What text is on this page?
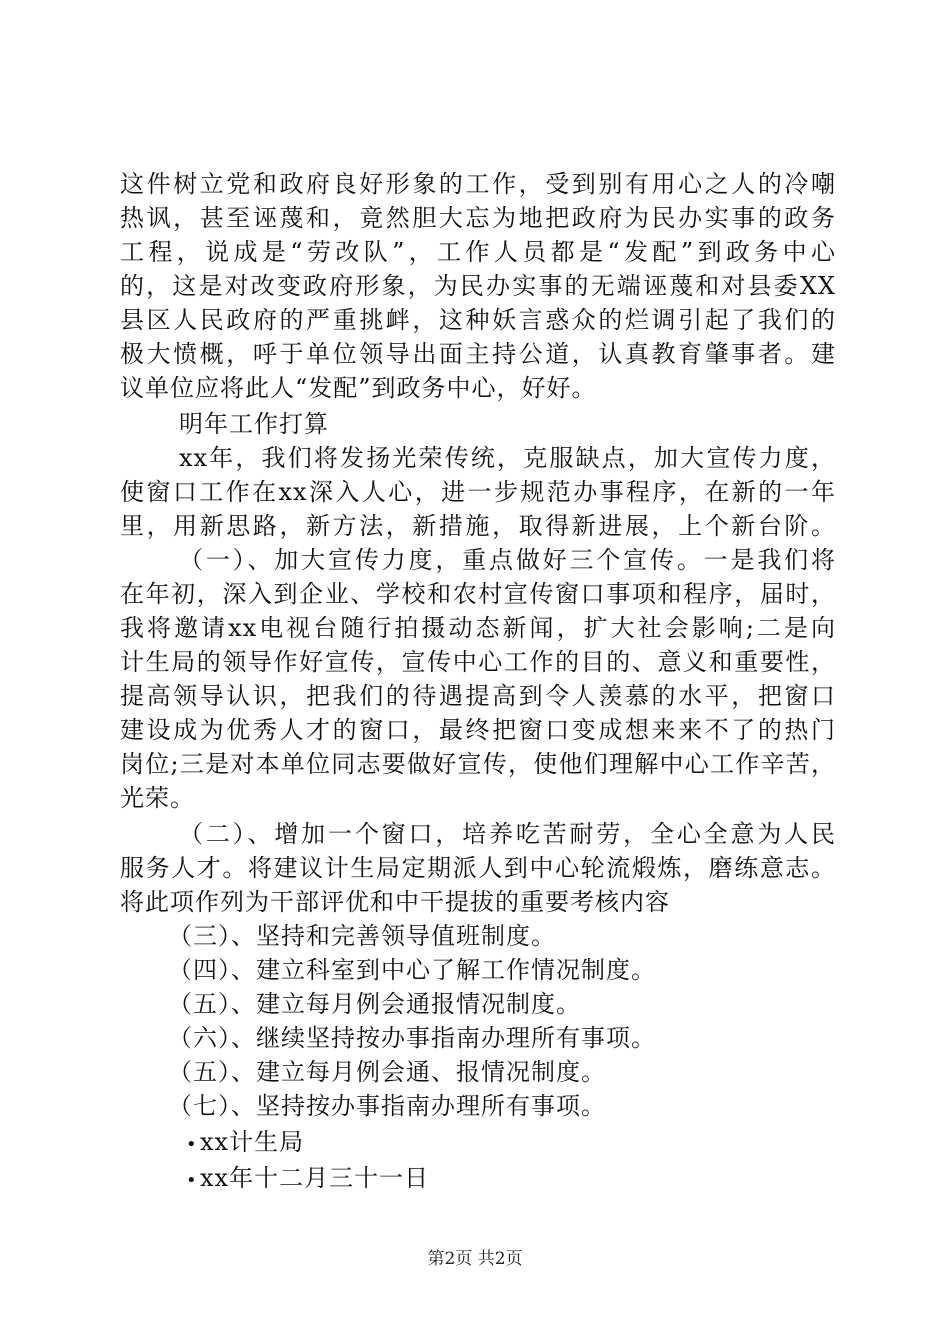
这件树立党和政府良好形象的工作，受到别有用心之人的冷嘲
热讽，甚至诬蔑和，竟然胆大忘为地把政府为民办实事的政务
工程，说成是“劳改队”，工作人员都是“发配”到政务中心
的，这是对改变政府形象，为民办实事的无端诬蔑和对县委XX
县区人民政府的严重挑衅，这种妖言惑众的烂调引起了我们的
极大愤概，呼于单位领导出面主持公道，认真教育肇事者。建
议单位应将此人“发配”到政务中心，好好。
明年工作打算
xx年，我们将发扬光荣传统，克服缺点，加大宣传力度，
使窗口工作在xx深入人心，进一步规范办事程序，在新的一年
里，用新思路，新方法，新措施，取得新进展，上个新台阶。
（一）、加大宣传力度，重点做好三个宣传。一是我们将
在年初，深入到企业、学校和农村宣传窗口事项和程序，届时，
我将邀请xx电视台随行拍摄动态新闻，扩大社会影响;二是向
计生局的领导作好宣传，宣传中心工作的目的、意义和重要性，
提高领导认识，把我们的待遇提高到令人羡慕的水平，把窗口
建设成为优秀人才的窗口，最终把窗口变成想来来不了的热门
岗位;三是对本单位同志要做好宣传，使他们理解中心工作辛苦，
光荣。
（二）、增加一个窗口，培养吃苦耐劳，全心全意为人民
服务人才。将建议计生局定期派人到中心轮流煅炼，磨练意志。
将此项作列为干部评优和中干提拔的重要考核内容
（三）、坚持和完善领导值班制度。
（四）、建立科室到中心了解工作情况制度。
（五）、建立每月例会通报情况制度。
（六）、继续坚持按办事指南办理所有事项。
（五）、建立每月例会通、报情况制度。
（七）、坚持按办事指南办理所有事项。
•xx计生局
•xx年十二月三十一日
第2页 共2页
